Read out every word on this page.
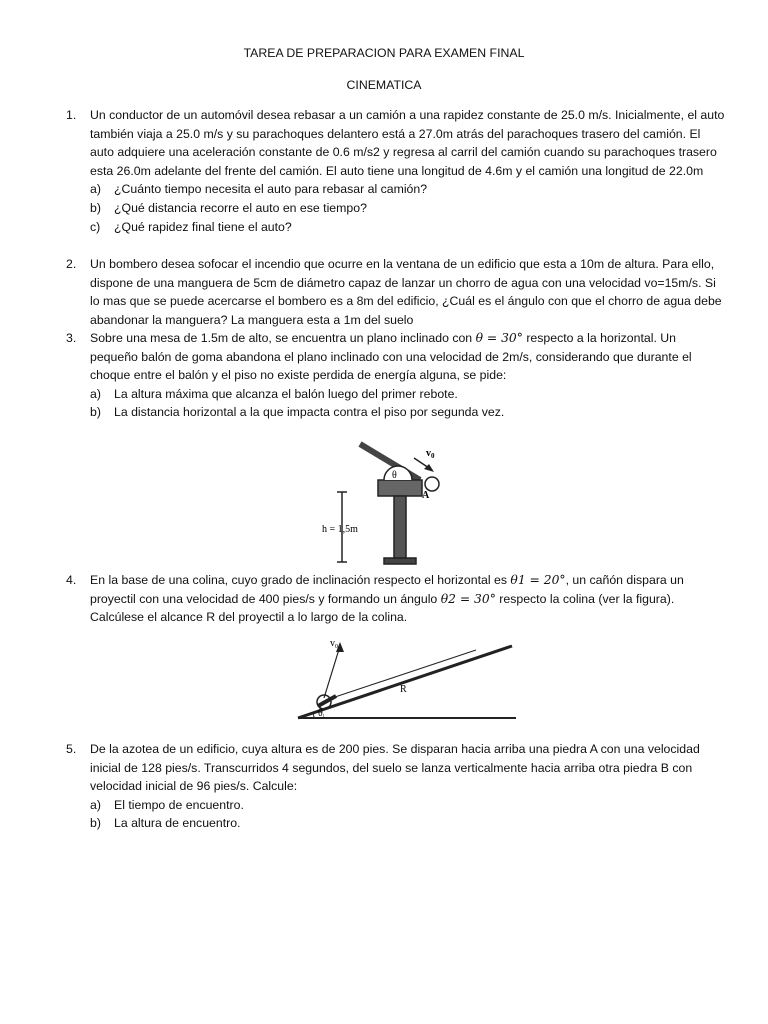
TAREA DE PREPARACION PARA EXAMEN FINAL
CINEMATICA
1. Un conductor de un automóvil desea rebasar a un camión a una rapidez constante de 25.0 m/s. Inicialmente, el auto también viaja a 25.0 m/s y su parachoques delantero está a 27.0m atrás del parachoques trasero del camión. El auto adquiere una aceleración constante de 0.6 m/s2 y regresa al carril del camión cuando su parachoques trasero esta 26.0m adelante del frente del camión. El auto tiene una longitud de 4.6m y el camión una longitud de 22.0m
a) ¿Cuánto tiempo necesita el auto para rebasar al camión?
b) ¿Qué distancia recorre el auto en ese tiempo?
c) ¿Qué rapidez final tiene el auto?
2. Un bombero desea sofocar el incendio que ocurre en la ventana de un edificio que esta a 10m de altura. Para ello, dispone de una manguera de 5cm de diámetro capaz de lanzar un chorro de agua con una velocidad vo=15m/s. Si lo mas que se puede acercarse el bombero es a 8m del edificio, ¿Cuál es el ángulo con que el chorro de agua debe abandonar la manguera? La manguera esta a 1m del suelo
3. Sobre una mesa de 1.5m de alto, se encuentra un plano inclinado con θ = 30° respecto a la horizontal. Un pequeño balón de goma abandona el plano inclinado con una velocidad de 2m/s, considerando que durante el choque entre el balón y el piso no existe perdida de energía alguna, se pide:
a) La altura máxima que alcanza el balón luego del primer rebote.
b) La distancia horizontal a la que impacta contra el piso por segunda vez.
$v_0$
θ
A
h = 1,5m
4. En la base de una colina, cuyo grado de inclinación respecto el horizontal es θ1 = 20°, un cañón dispara un proyectil con una velocidad de 400 pies/s y formando un ángulo θ2 = 30° respecto la colina (ver la figura). Calcúlese el alcance R del proyectil a lo largo de la colina.
$v_0$
R
θ1
5. De la azotea de un edificio, cuya altura es de 200 pies. Se disparan hacia arriba una piedra A con una velocidad inicial de 128 pies/s. Transcurridos 4 segundos, del suelo se lanza verticalmente hacia arriba otra piedra B con velocidad inicial de 96 pies/s. Calcule:
a) El tiempo de encuentro.
b) La altura de encuentro.
